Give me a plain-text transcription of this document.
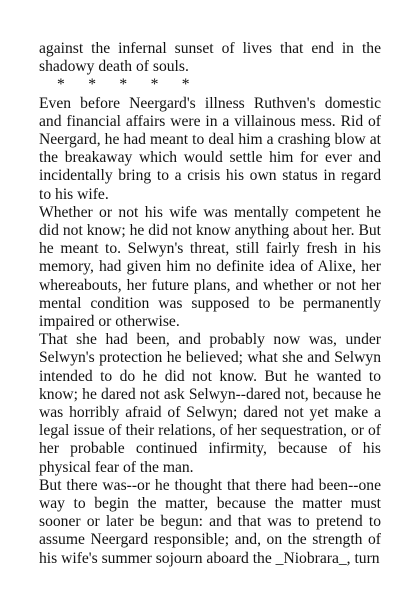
against the infernal sunset of lives that end in the shadowy death of souls.

*      *      *      *      *

Even before Neergard's illness Ruthven's domestic and financial affairs were in a villainous mess. Rid of Neergard, he had meant to deal him a crashing blow at the breakaway which would settle him for ever and incidentally bring to a crisis his own status in regard to his wife.

Whether or not his wife was mentally competent he did not know; he did not know anything about her. But he meant to. Selwyn's threat, still fairly fresh in his memory, had given him no definite idea of Alixe, her whereabouts, her future plans, and whether or not her mental condition was supposed to be permanently impaired or otherwise.

That she had been, and probably now was, under Selwyn's protection he believed; what she and Selwyn intended to do he did not know. But he wanted to know; he dared not ask Selwyn--dared not, because he was horribly afraid of Selwyn; dared not yet make a legal issue of their relations, of her sequestration, or of her probable continued infirmity, because of his physical fear of the man.

But there was--or he thought that there had been--one way to begin the matter, because the matter must sooner or later be begun: and that was to pretend to assume Neergard responsible; and, on the strength of his wife's summer sojourn aboard the _Niobrara_, turn
